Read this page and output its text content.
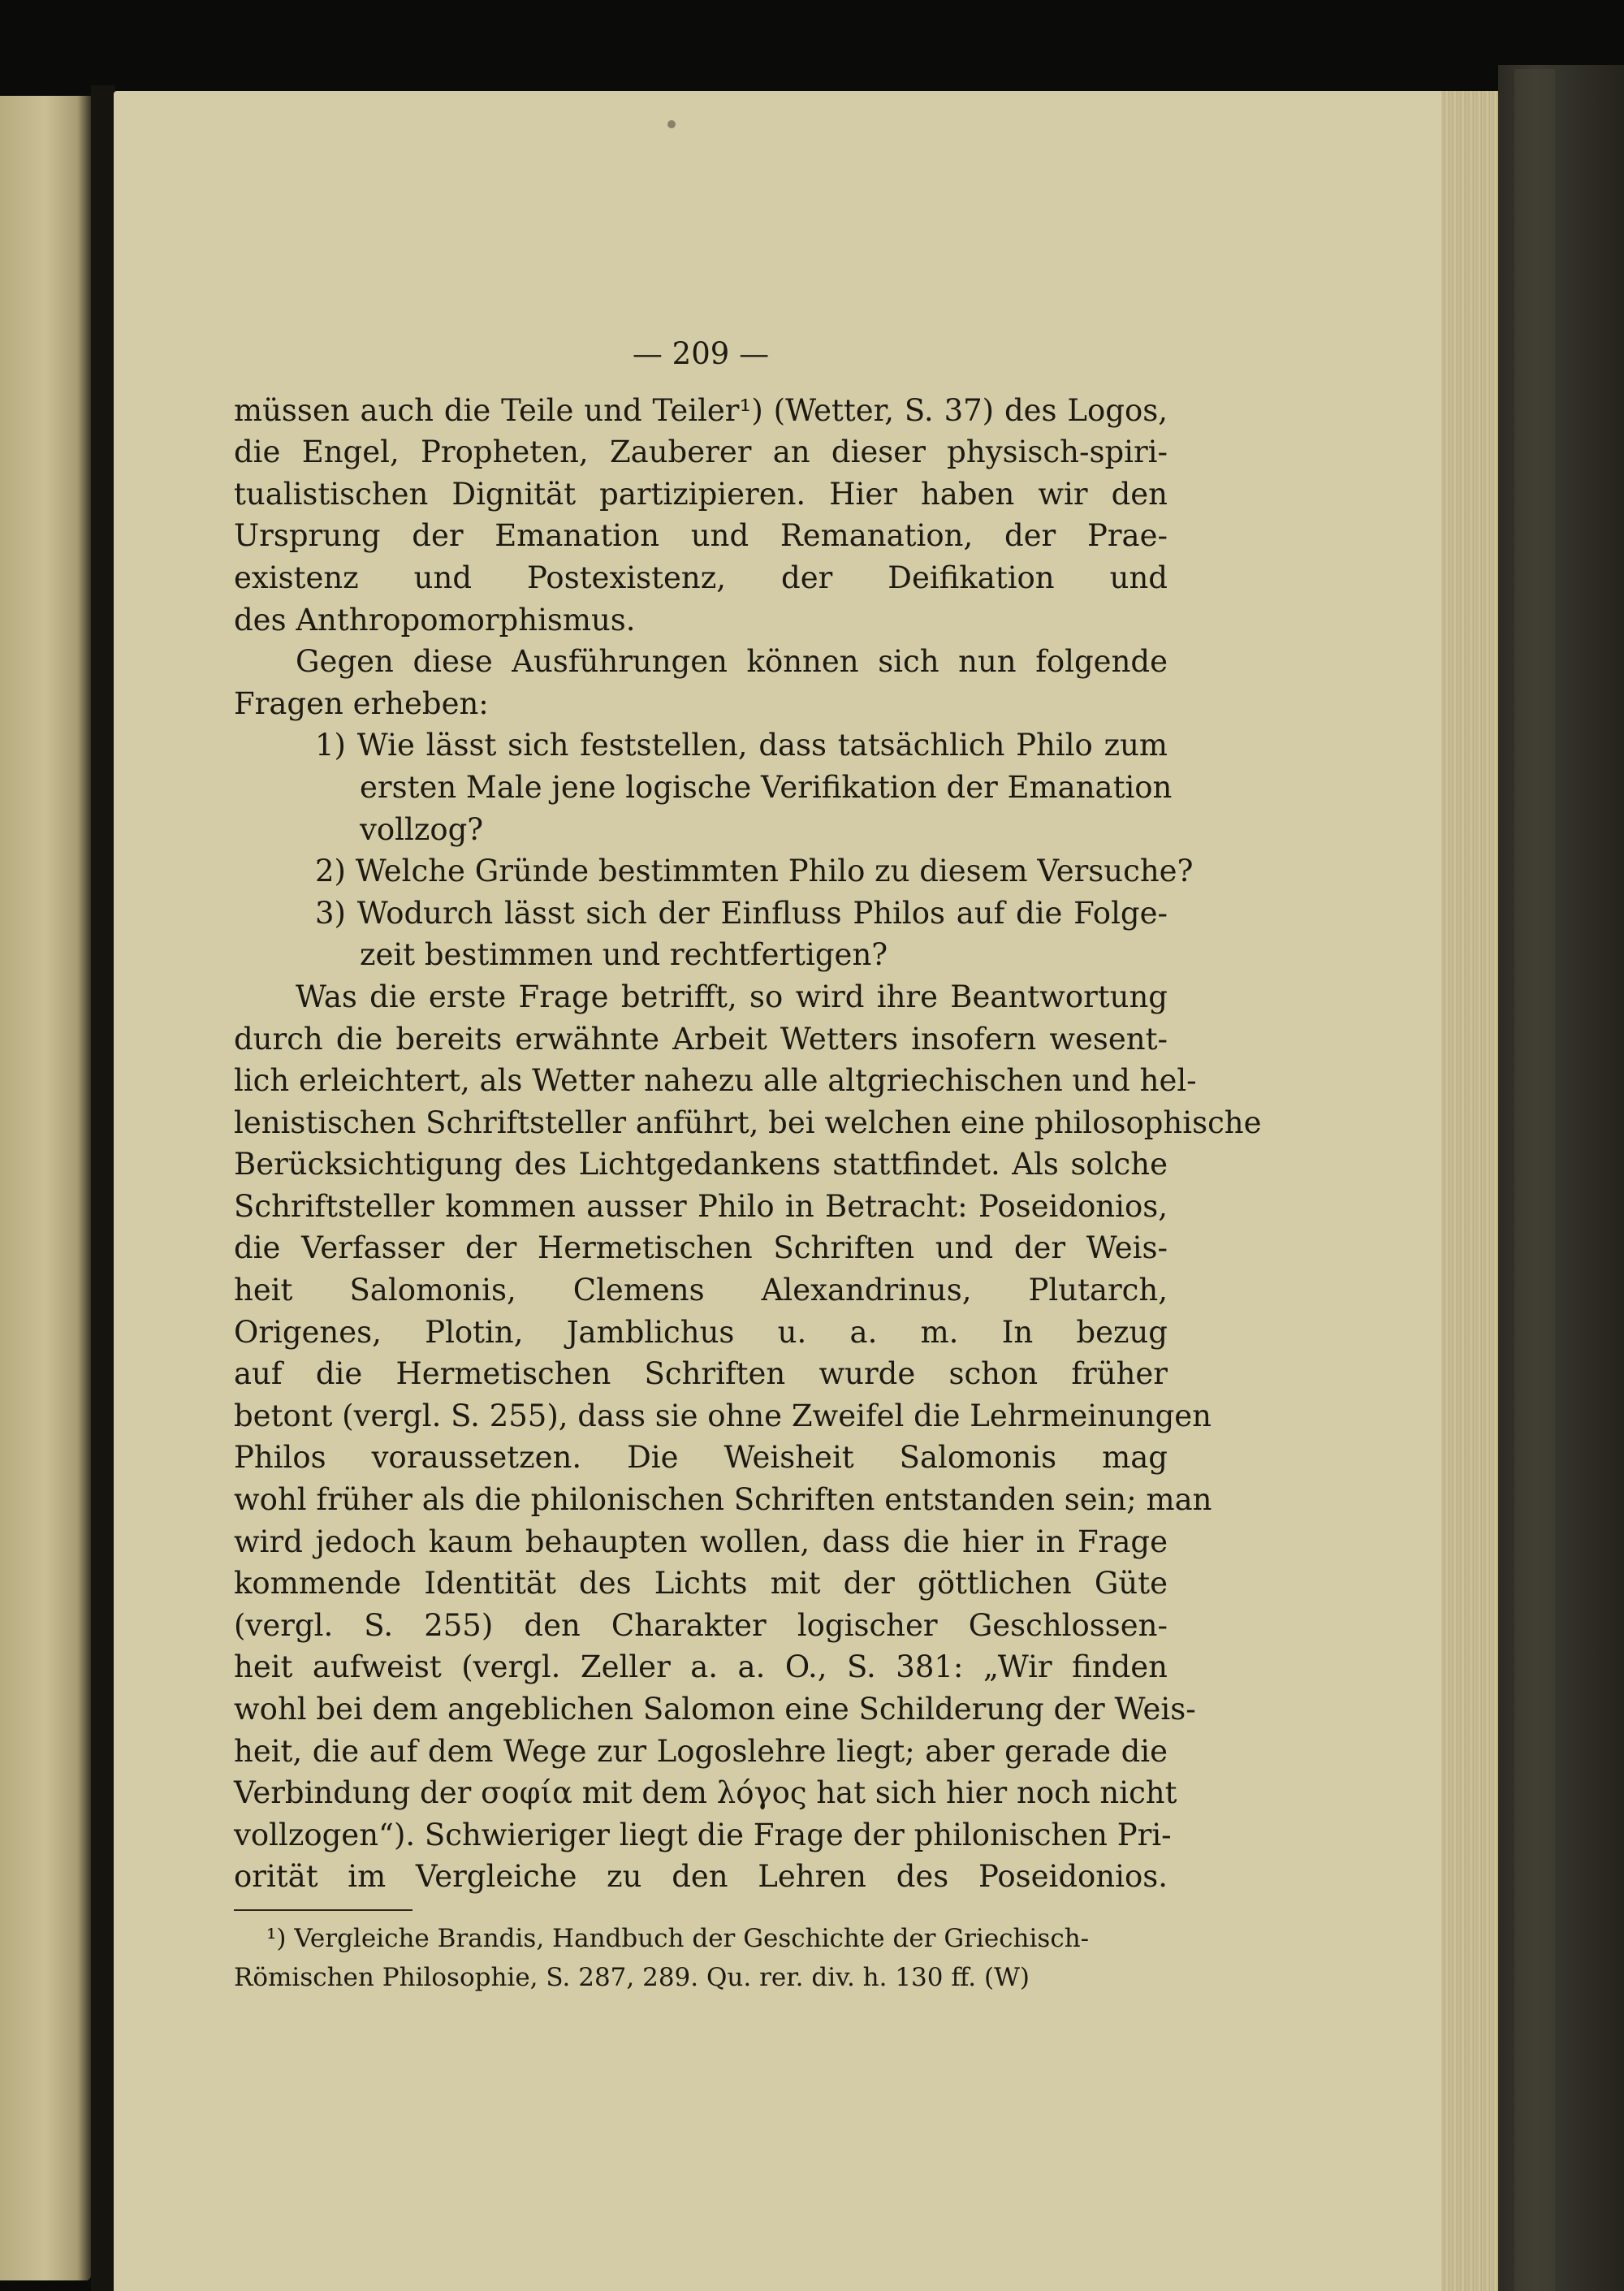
— 209 —
müssen auch die Teile und Teiler¹) (Wetter, S. 37) des Logos,
die Engel, Propheten, Zauberer an dieser physisch-spiri-
tualistischen Dignität partizipieren. Hier haben wir den
Ursprung der Emanation und Remanation, der Prae-
existenz und Postexistenz, der Deifikation und
des Anthropomorphismus.
Gegen diese Ausführungen können sich nun folgende
Fragen erheben:
1) Wie lässt sich feststellen, dass tatsächlich Philo zum
ersten Male jene logische Verifikation der Emanation
vollzog?
2) Welche Gründe bestimmten Philo zu diesem Versuche?
3) Wodurch lässt sich der Einfluss Philos auf die Folge-
zeit bestimmen und rechtfertigen?
Was die erste Frage betrifft, so wird ihre Beantwortung
durch die bereits erwähnte Arbeit Wetters insofern wesent-
lich erleichtert, als Wetter nahezu alle altgriechischen und hel-
lenistischen Schriftsteller anführt, bei welchen eine philosophische
Berücksichtigung des Lichtgedankens stattfindet. Als solche
Schriftsteller kommen ausser Philo in Betracht: Poseidonios,
die Verfasser der Hermetischen Schriften und der Weis-
heit Salomonis, Clemens Alexandrinus, Plutarch,
Origenes, Plotin, Jamblichus u. a. m. In bezug
auf die Hermetischen Schriften wurde schon früher
betont (vergl. S. 255), dass sie ohne Zweifel die Lehrmeinungen
Philos voraussetzen. Die Weisheit Salomonis mag
wohl früher als die philonischen Schriften entstanden sein; man
wird jedoch kaum behaupten wollen, dass die hier in Frage
kommende Identität des Lichts mit der göttlichen Güte
(vergl. S. 255) den Charakter logischer Geschlossen-
heit aufweist (vergl. Zeller a. a. O., S. 381: „Wir finden
wohl bei dem angeblichen Salomon eine Schilderung der Weis-
heit, die auf dem Wege zur Logoslehre liegt; aber gerade die
Verbindung der σοφία mit dem λόγος hat sich hier noch nicht
vollzogen“). Schwieriger liegt die Frage der philonischen Pri-
orität im Vergleiche zu den Lehren des Poseidonios.
¹) Vergleiche Brandis, Handbuch der Geschichte der Griechisch-
Römischen Philosophie, S. 287, 289. Qu. rer. div. h. 130 ff. (W)
